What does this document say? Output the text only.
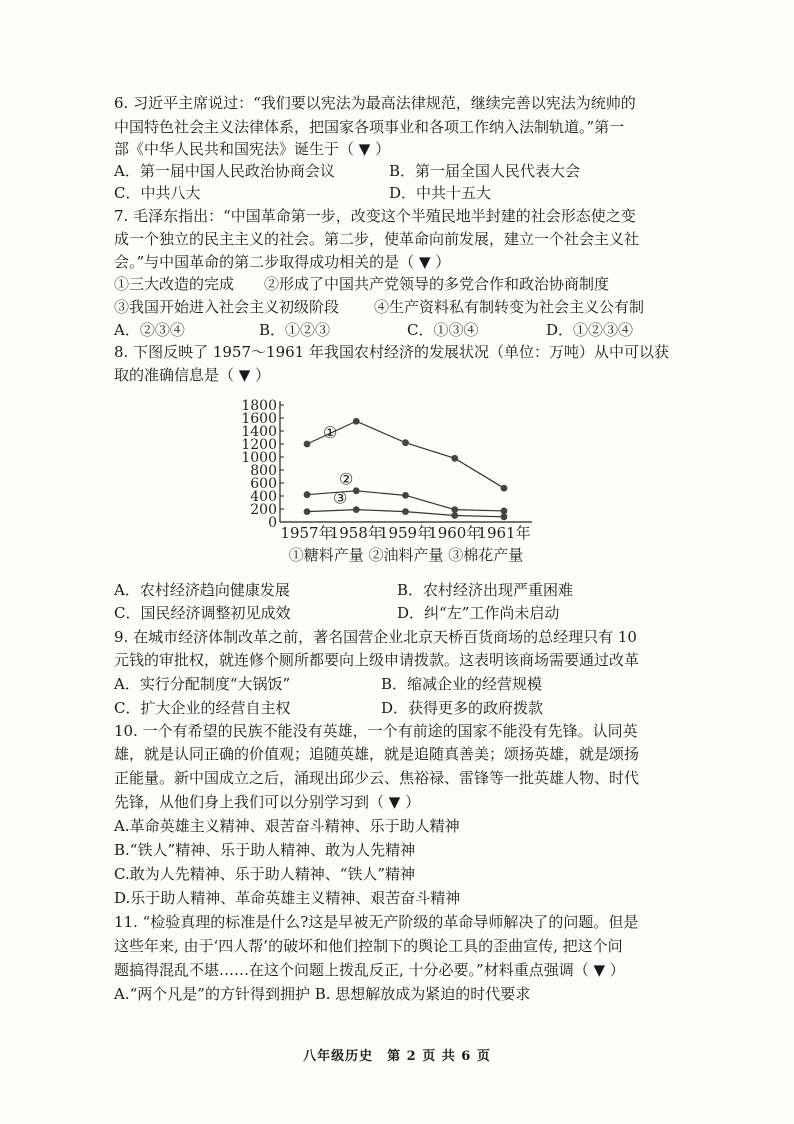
6. 习近平主席说过：“我们要以宪法为最高法律规范，继续完善以宪法为统帅的
中国特色社会主义法律体系，把国家各项事业和各项工作纳入法制轨道。”第一
部《中华人民共和国宪法》诞生于（ ▼ ）
A．第一届中国人民政治协商会议	B．第一届全国人民代表大会
C．中共八大	D．中共十五大
7. 毛泽东指出：“中国革命第一步，改变这个半殖民地半封建的社会形态使之变
成一个独立的民主主义的社会。第二步，使革命向前发展，建立一个社会主义社
会。”与中国革命的第二步取得成功相关的是（ ▼ ）
①三大改造的完成 ②形成了中国共产党领导的多党合作和政治协商制度
③我国开始进入社会主义初级阶段 ④生产资料私有制转变为社会主义公有制
A．②③④	B．①②③	C．①③④	D．①②③④
8. 下图反映了 1957～1961 年我国农村经济的发展状况（单位：万吨）从中可以获
取的准确信息是（ ▼ ）
0
200
400
600
800
1000
1200
1400
1600
1800
1957年
1958年
1959年
1960年
1961年
①
②
③
①糖料产量 ②油料产量 ③棉花产量
A．农村经济趋向健康发展	B．农村经济出现严重困难
C．国民经济调整初见成效	D．纠“左”工作尚未启动
9. 在城市经济体制改革之前，著名国营企业北京天桥百货商场的总经理只有 10
元钱的审批权，就连修个厕所都要向上级申请拨款。这表明该商场需要通过改革
A．实行分配制度“大锅饭”	B．缩减企业的经营规模
C．扩大企业的经营自主权	D．获得更多的政府拨款
10. 一个有希望的民族不能没有英雄，一个有前途的国家不能没有先锋。认同英
雄，就是认同正确的价值观；追随英雄，就是追随真善美；颂扬英雄，就是颂扬
正能量。新中国成立之后，涌现出邱少云、焦裕禄、雷锋等一批英雄人物、时代
先锋，从他们身上我们可以分别学习到（ ▼ ）
A.革命英雄主义精神、艰苦奋斗精神、乐于助人精神
B.“铁人”精神、乐于助人精神、敢为人先精神
C.敢为人先精神、乐于助人精神、“铁人”精神
D.乐于助人精神、革命英雄主义精神、艰苦奋斗精神
11. “检验真理的标准是什么?这是早被无产阶级的革命导师解决了的问题。但是
这些年来, 由于‘四人帮’的破坏和他们控制下的舆论工具的歪曲宣传, 把这个问
题搞得混乱不堪……在这个问题上拨乱反正, 十分必要。”材料重点强调（ ▼ ）
A.“两个凡是”的方针得到拥护 B. 思想解放成为紧迫的时代要求
八年级历史　第 2 页 共 6 页
